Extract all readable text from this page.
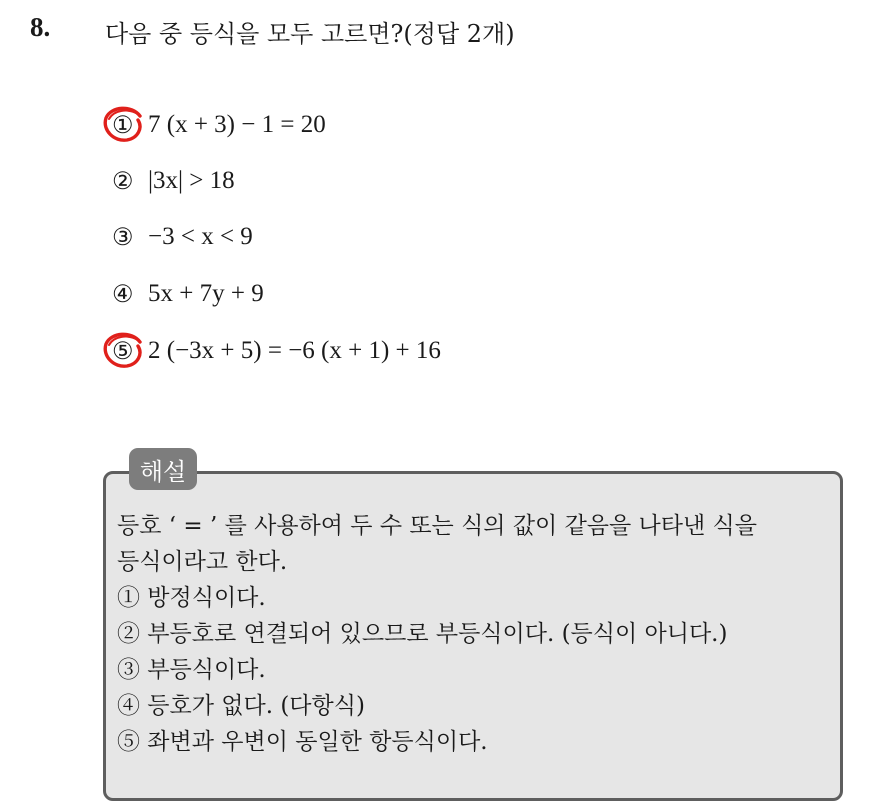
8. 다음 중 등식을 모두 고르면?(정답 2개)
① 7 (x + 3) − 1 = 20
② |3x| > 18
③ −3 < x < 9
④ 5x + 7y + 9
⑤ 2 (−3x + 5) = −6 (x + 1) + 16
해설
등호 ‘ = ’ 를 사용하여 두 수 또는 식의 값이 같음을 나타낸 식을
등식이라고 한다.
① 방정식이다.
② 부등호로 연결되어 있으므로 부등식이다. (등식이 아니다.)
③ 부등식이다.
④ 등호가 없다. (다항식)
⑤ 좌변과 우변이 동일한 항등식이다.
